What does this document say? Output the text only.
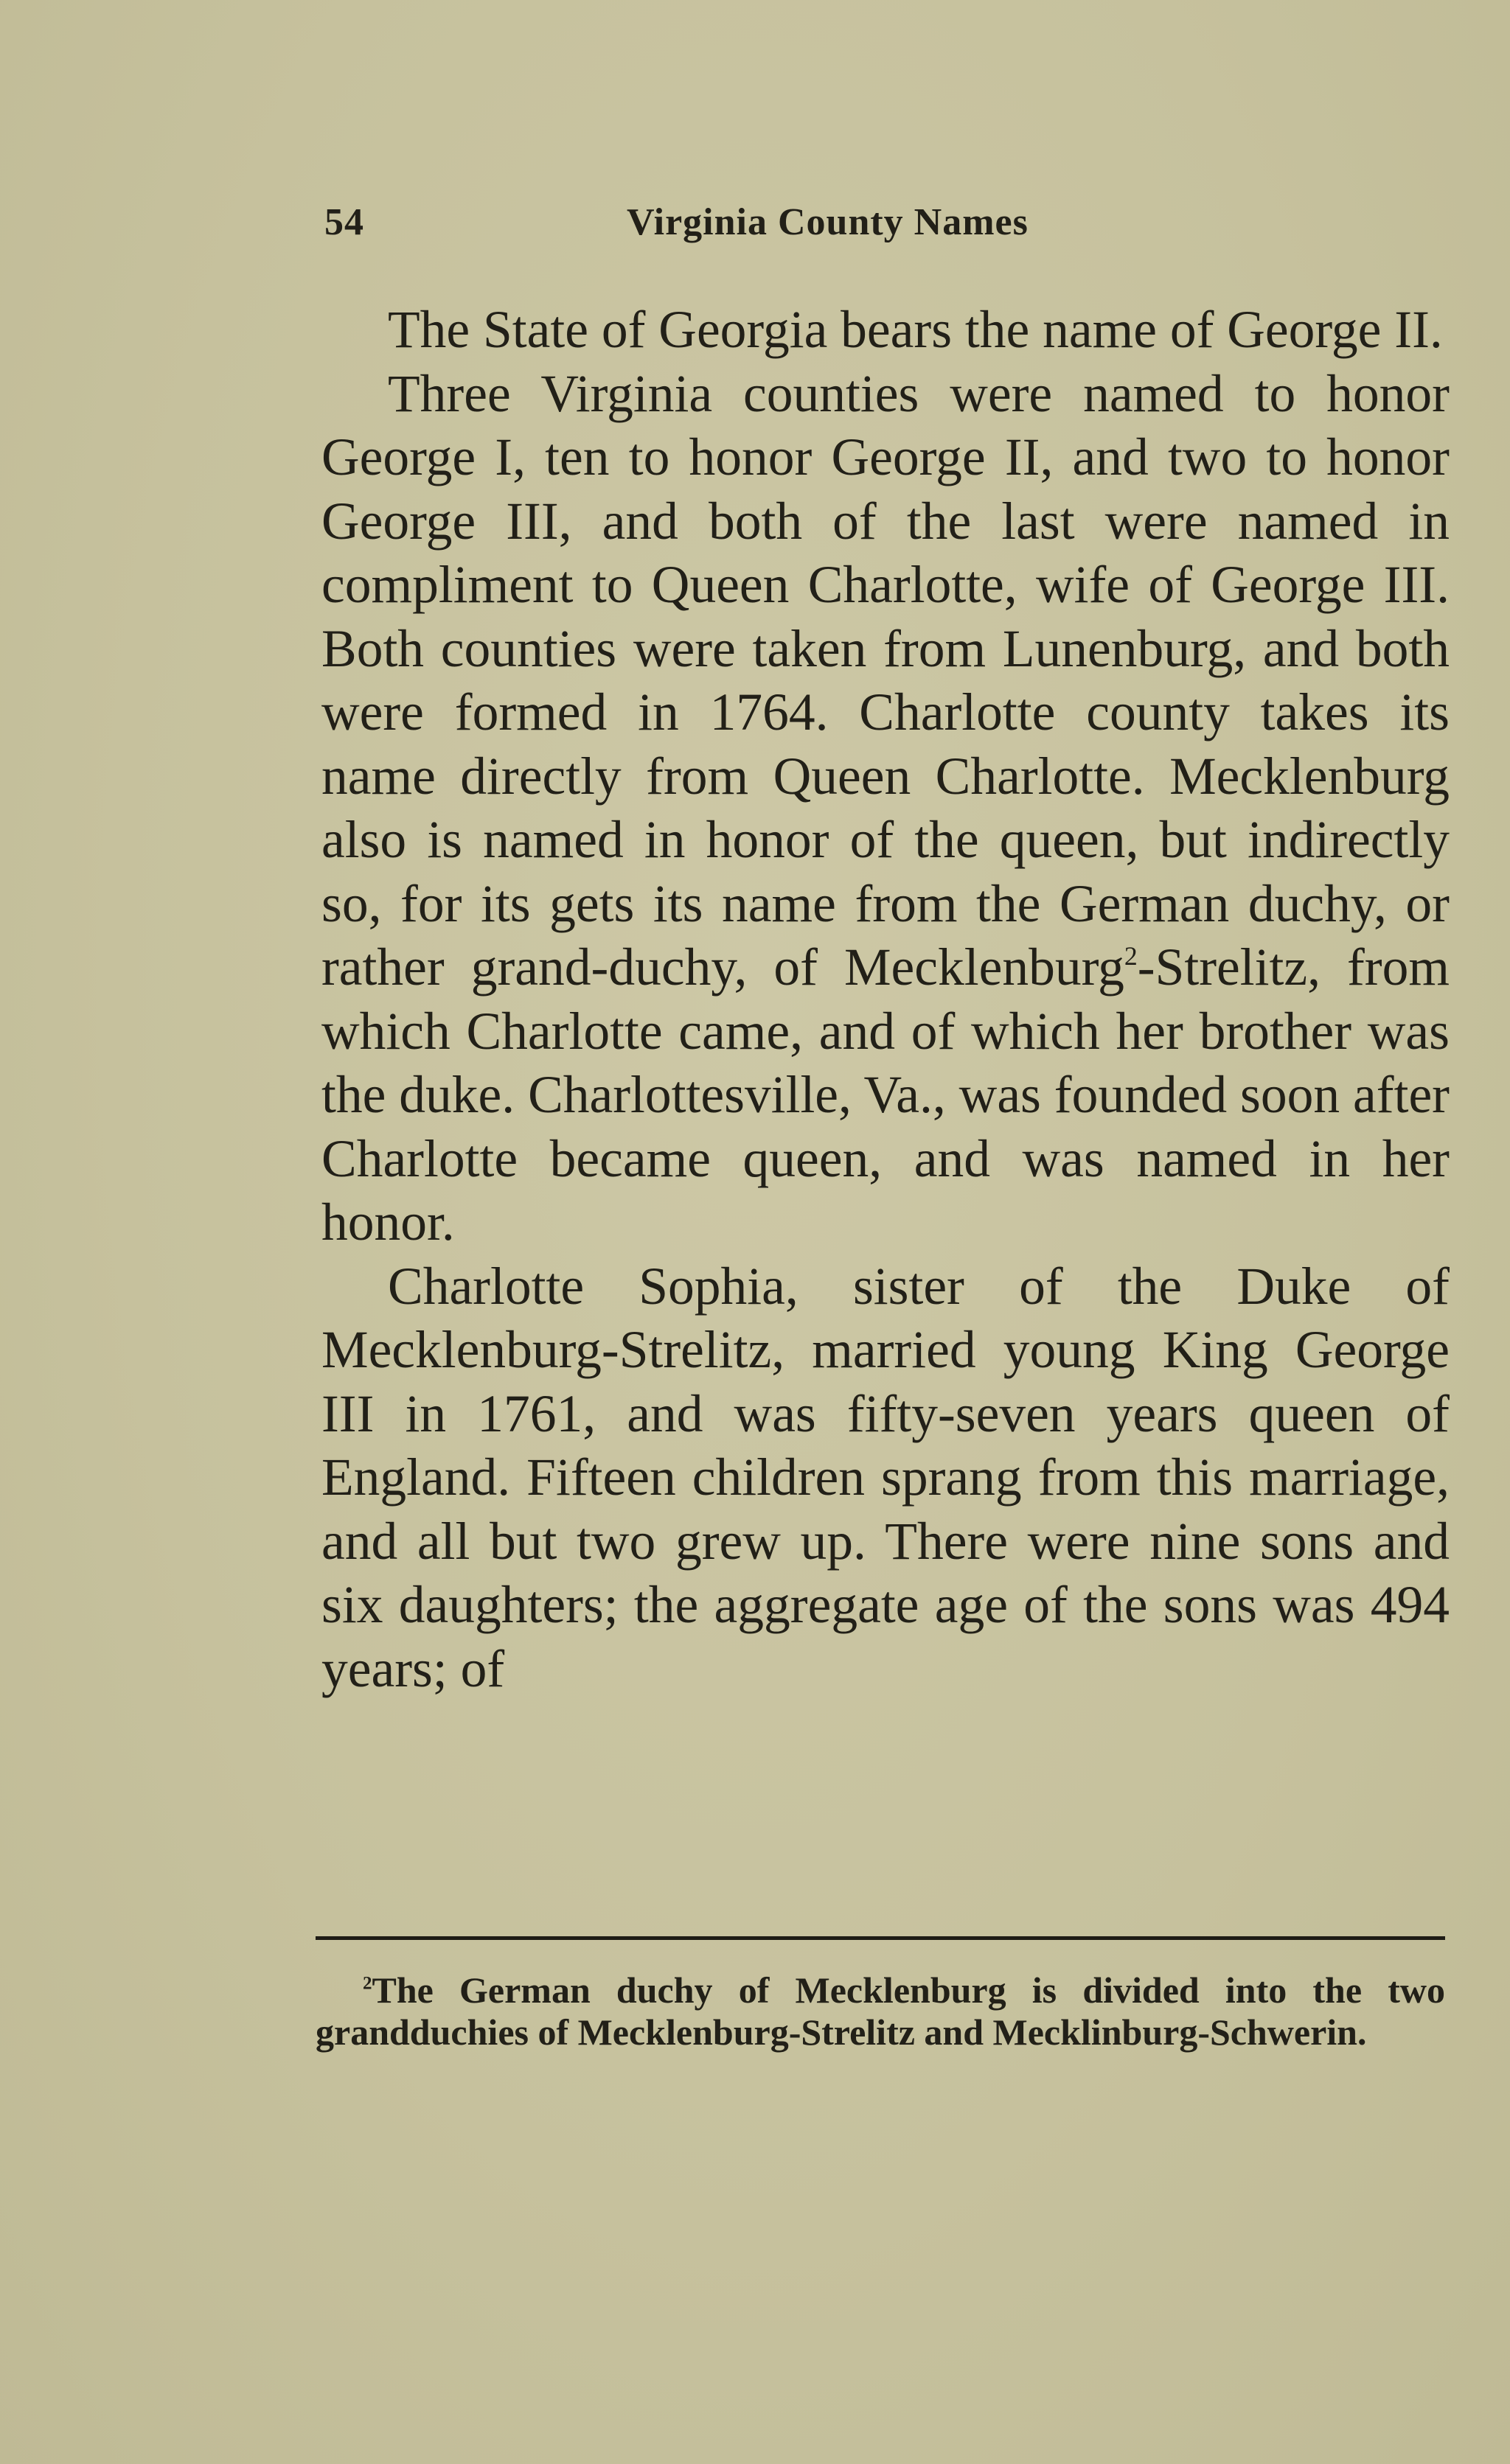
54	Virginia County Names

The State of Georgia bears the name of George II.

Three Virginia counties were named to honor George I, ten to honor George II, and two to honor George III, and both of the last were named in compliment to Queen Charlotte, wife of George III. Both counties were taken from Lunenburg, and both were formed in 1764. Charlotte county takes its name directly from Queen Charlotte. Mecklenburg also is named in honor of the queen, but indirectly so, for its gets its name from the German duchy, or rather grand-duchy, of Mecklenburg$^2$-Strelitz, from which Charlotte came, and of which her brother was the duke. Charlottesville, Va., was founded soon after Charlotte became queen, and was named in her honor.

Charlotte Sophia, sister of the Duke of Mecklenburg-Strelitz, married young King George III in 1761, and was fifty-seven years queen of England. Fifteen children sprang from this marriage, and all but two grew up. There were nine sons and six daughters; the aggregate age of the sons was 494 years; of

$^2$The German duchy of Mecklenburg is divided into the two grandduchies of Mecklenburg-Strelitz and Mecklinburg-Schwerin.
